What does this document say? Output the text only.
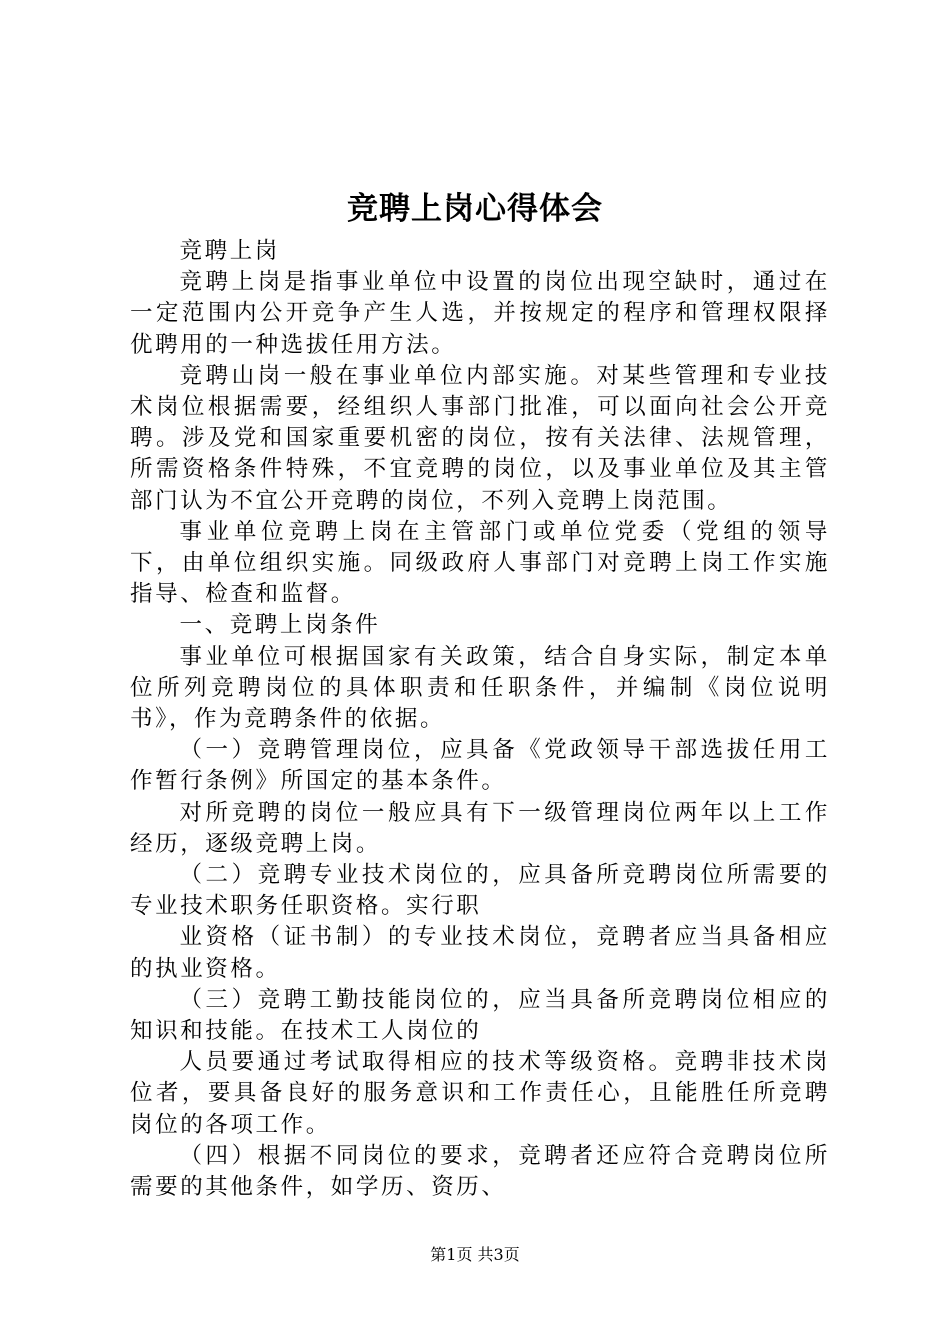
竞聘上岗心得体会

竞聘上岗

竞聘上岗是指事业单位中设置的岗位出现空缺时，通过在一定范围内公开竞争产生人选，并按规定的程序和管理权限择优聘用的一种选拔任用方法。

竞聘山岗一般在事业单位内部实施。对某些管理和专业技术岗位根据需要，经组织人事部门批准，可以面向社会公开竞聘。涉及党和国家重要机密的岗位，按有关法律、法规管理，所需资格条件特殊，不宜竞聘的岗位，以及事业单位及其主管部门认为不宜公开竞聘的岗位，不列入竞聘上岗范围。

事业单位竞聘上岗在主管部门或单位党委（党组的领导下，由单位组织实施。同级政府人事部门对竞聘上岗工作实施指导、检查和监督。

一、竞聘上岗条件

事业单位可根据国家有关政策，结合自身实际，制定本单位所列竞聘岗位的具体职责和任职条件，并编制《岗位说明书》，作为竞聘条件的依据。

（一）竞聘管理岗位，应具备《党政领导干部选拔任用工作暂行条例》所国定的基本条件。

对所竞聘的岗位一般应具有下一级管理岗位两年以上工作经历，逐级竞聘上岗。

（二）竞聘专业技术岗位的，应具备所竞聘岗位所需要的专业技术职务任职资格。实行职

业资格（证书制）的专业技术岗位，竞聘者应当具备相应的执业资格。

（三）竞聘工勤技能岗位的，应当具备所竞聘岗位相应的知识和技能。在技术工人岗位的

人员要通过考试取得相应的技术等级资格。竞聘非技术岗位者，要具备良好的服务意识和工作责任心，且能胜任所竞聘岗位的各项工作。

（四）根据不同岗位的要求，竞聘者还应符合竞聘岗位所需要的其他条件，如学历、资历、

第1页 共3页
